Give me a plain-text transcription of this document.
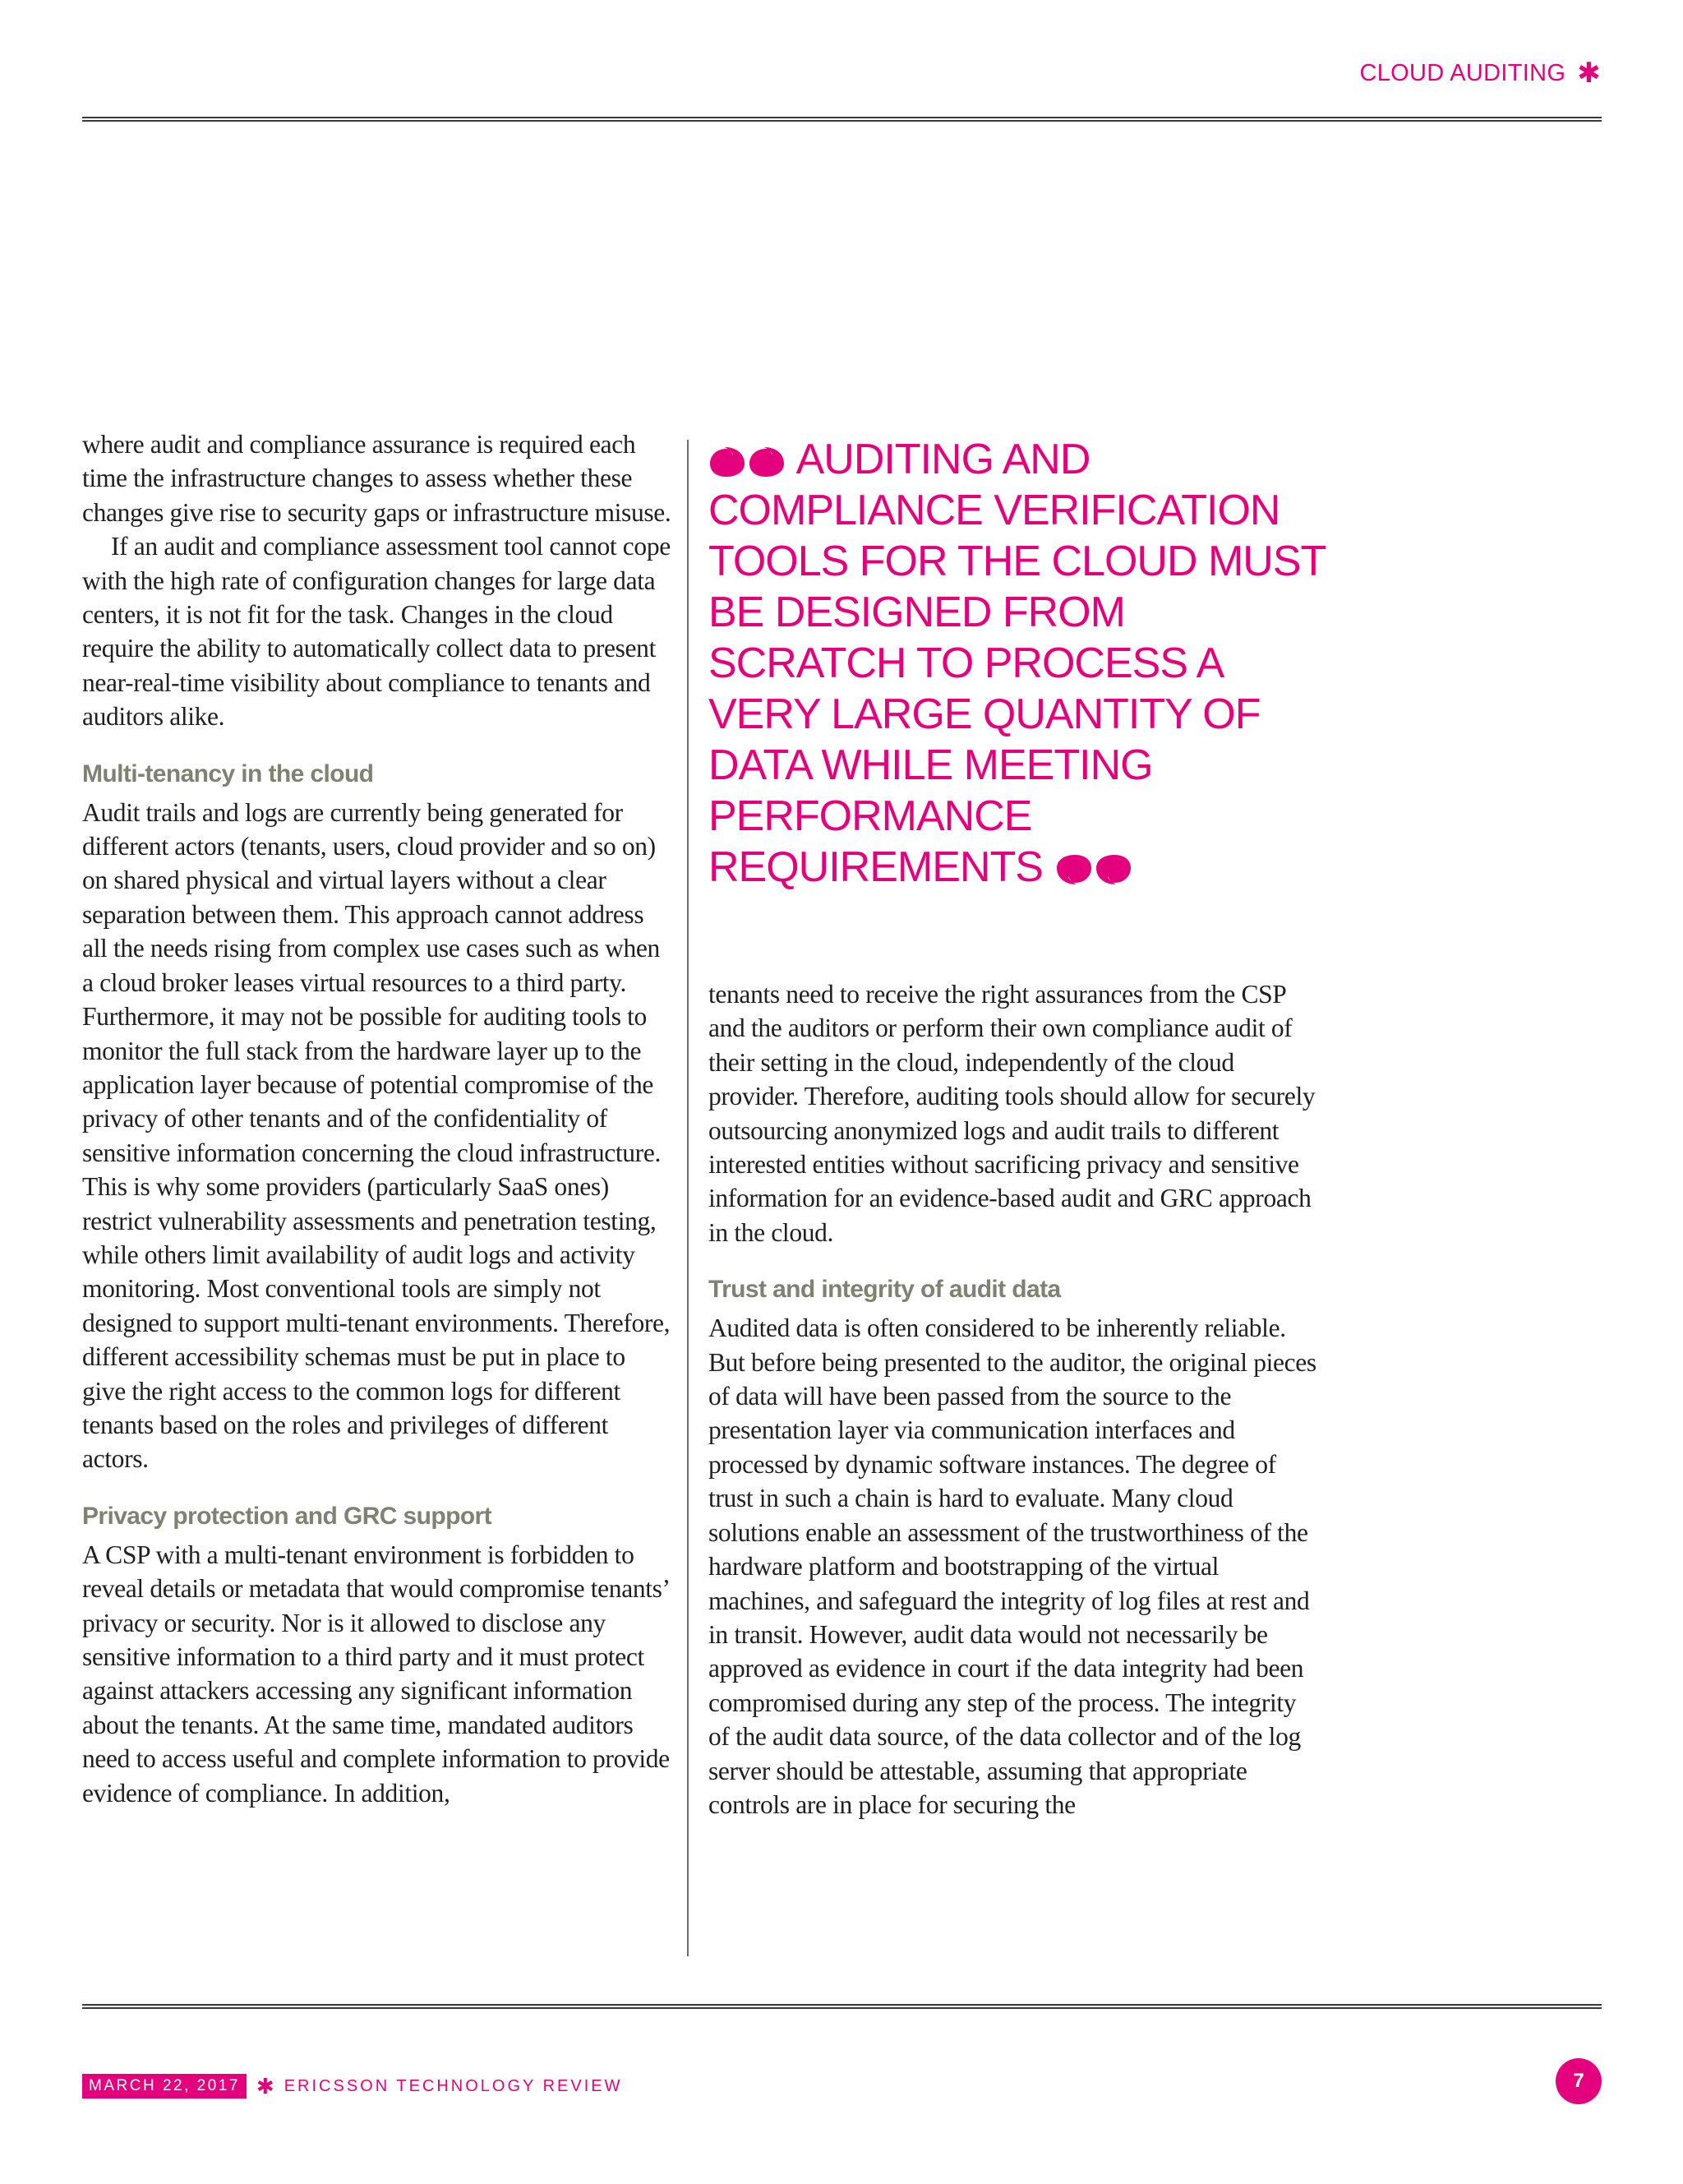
CLOUD AUDITING ✱

where audit and compliance assurance is required each time the infrastructure changes to assess whether these changes give rise to security gaps or infrastructure misuse.

If an audit and compliance assessment tool cannot cope with the high rate of configuration changes for large data centers, it is not fit for the task. Changes in the cloud require the ability to automatically collect data to present near-real-time visibility about compliance to tenants and auditors alike.

Multi-tenancy in the cloud

Audit trails and logs are currently being generated for different actors (tenants, users, cloud provider and so on) on shared physical and virtual layers without a clear separation between them. This approach cannot address all the needs rising from complex use cases such as when a cloud broker leases virtual resources to a third party. Furthermore, it may not be possible for auditing tools to monitor the full stack from the hardware layer up to the application layer because of potential compromise of the privacy of other tenants and of the confidentiality of sensitive information concerning the cloud infrastructure. This is why some providers (particularly SaaS ones) restrict vulnerability assessments and penetration testing, while others limit availability of audit logs and activity monitoring. Most conventional tools are simply not designed to support multi-tenant environments. Therefore, different accessibility schemas must be put in place to give the right access to the common logs for different tenants based on the roles and privileges of different actors.

Privacy protection and GRC support

A CSP with a multi-tenant environment is forbidden to reveal details or metadata that would compromise tenants’ privacy or security. Nor is it allowed to disclose any sensitive information to a third party and it must protect against attackers accessing any significant information about the tenants. At the same time, mandated auditors need to access useful and complete information to provide evidence of compliance. In addition,

AUDITING AND COMPLIANCE VERIFICATION TOOLS FOR THE CLOUD MUST BE DESIGNED FROM SCRATCH TO PROCESS A VERY LARGE QUANTITY OF DATA WHILE MEETING PERFORMANCE REQUIREMENTS

tenants need to receive the right assurances from the CSP and the auditors or perform their own compliance audit of their setting in the cloud, independently of the cloud provider. Therefore, auditing tools should allow for securely outsourcing anonymized logs and audit trails to different interested entities without sacrificing privacy and sensitive information for an evidence-based audit and GRC approach in the cloud.

Trust and integrity of audit data

Audited data is often considered to be inherently reliable. But before being presented to the auditor, the original pieces of data will have been passed from the source to the presentation layer via communication interfaces and processed by dynamic software instances. The degree of trust in such a chain is hard to evaluate. Many cloud solutions enable an assessment of the trustworthiness of the hardware platform and bootstrapping of the virtual machines, and safeguard the integrity of log files at rest and in transit. However, audit data would not necessarily be approved as evidence in court if the data integrity had been compromised during any step of the process. The integrity of the audit data source, of the data collector and of the log server should be attestable, assuming that appropriate controls are in place for securing the

MARCH 22, 2017 ✱ ERICSSON TECHNOLOGY REVIEW	7
